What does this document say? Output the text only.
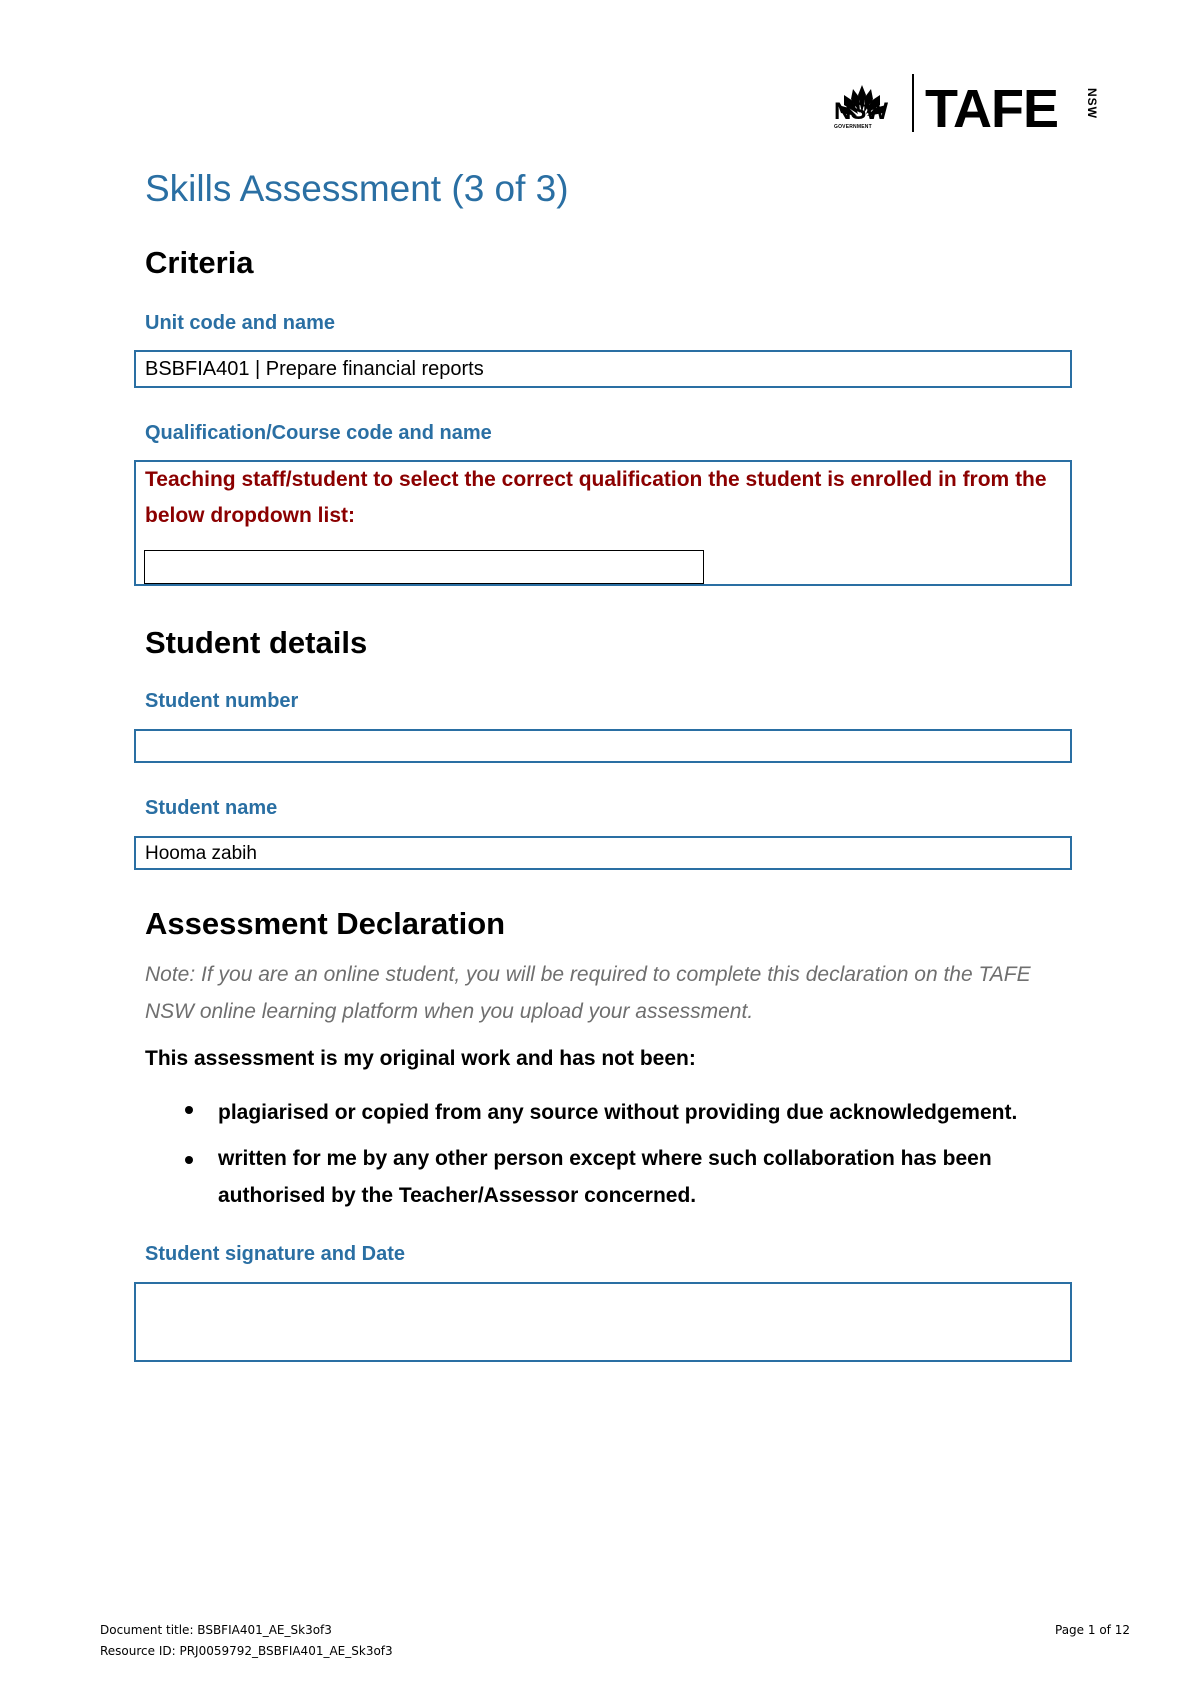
NSW
GOVERNMENT TAFE NSW
Skills Assessment (3 of 3)
Criteria
Unit code and name
BSBFIA401 | Prepare financial reports
Qualification/Course code and name
Teaching staff/student to select the correct qualification the student is enrolled in from the below dropdown list:
Student details
Student number
Student name
Hooma zabih
Assessment Declaration
Note: If you are an online student, you will be required to complete this declaration on the TAFE NSW online learning platform when you upload your assessment.
This assessment is my original work and has not been:
plagiarised or copied from any source without providing due acknowledgement.
written for me by any other person except where such collaboration has been authorised by the Teacher/Assessor concerned.
Student signature and Date
Document title: BSBFIA401_AE_Sk3of3
Resource ID: PRJ0059792_BSBFIA401_AE_Sk3of3
Page 1 of 12
